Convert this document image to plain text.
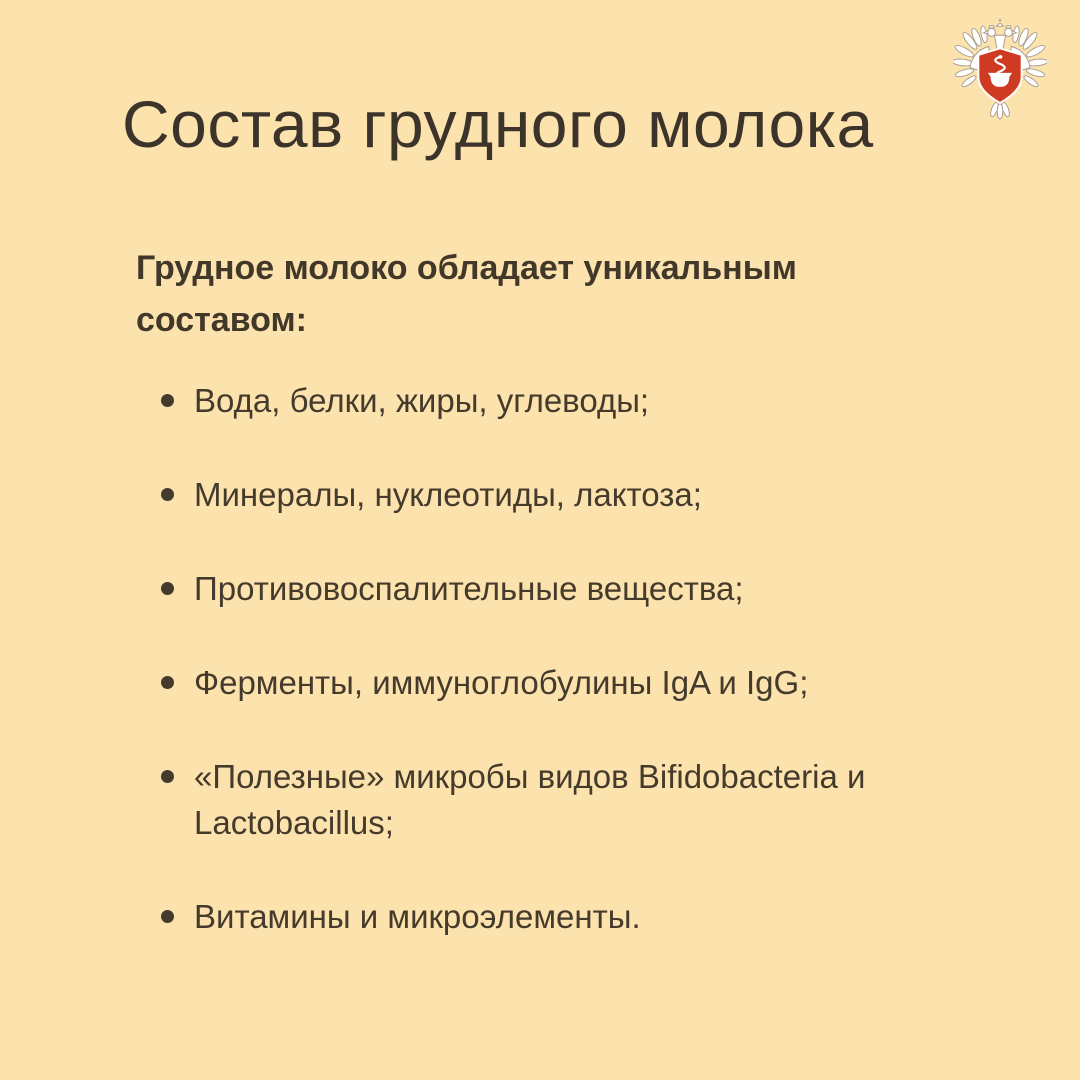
Состав грудного молока

Грудное молоко обладает уникальным составом:

Вода, белки, жиры, углеводы;
Минералы, нуклеотиды, лактоза;
Противовоспалительные вещества;
Ферменты, иммуноглобулины IgA и IgG;
«Полезные» микробы видов Bifidobacteria и Lactobacillus;
Витамины и микроэлементы.
